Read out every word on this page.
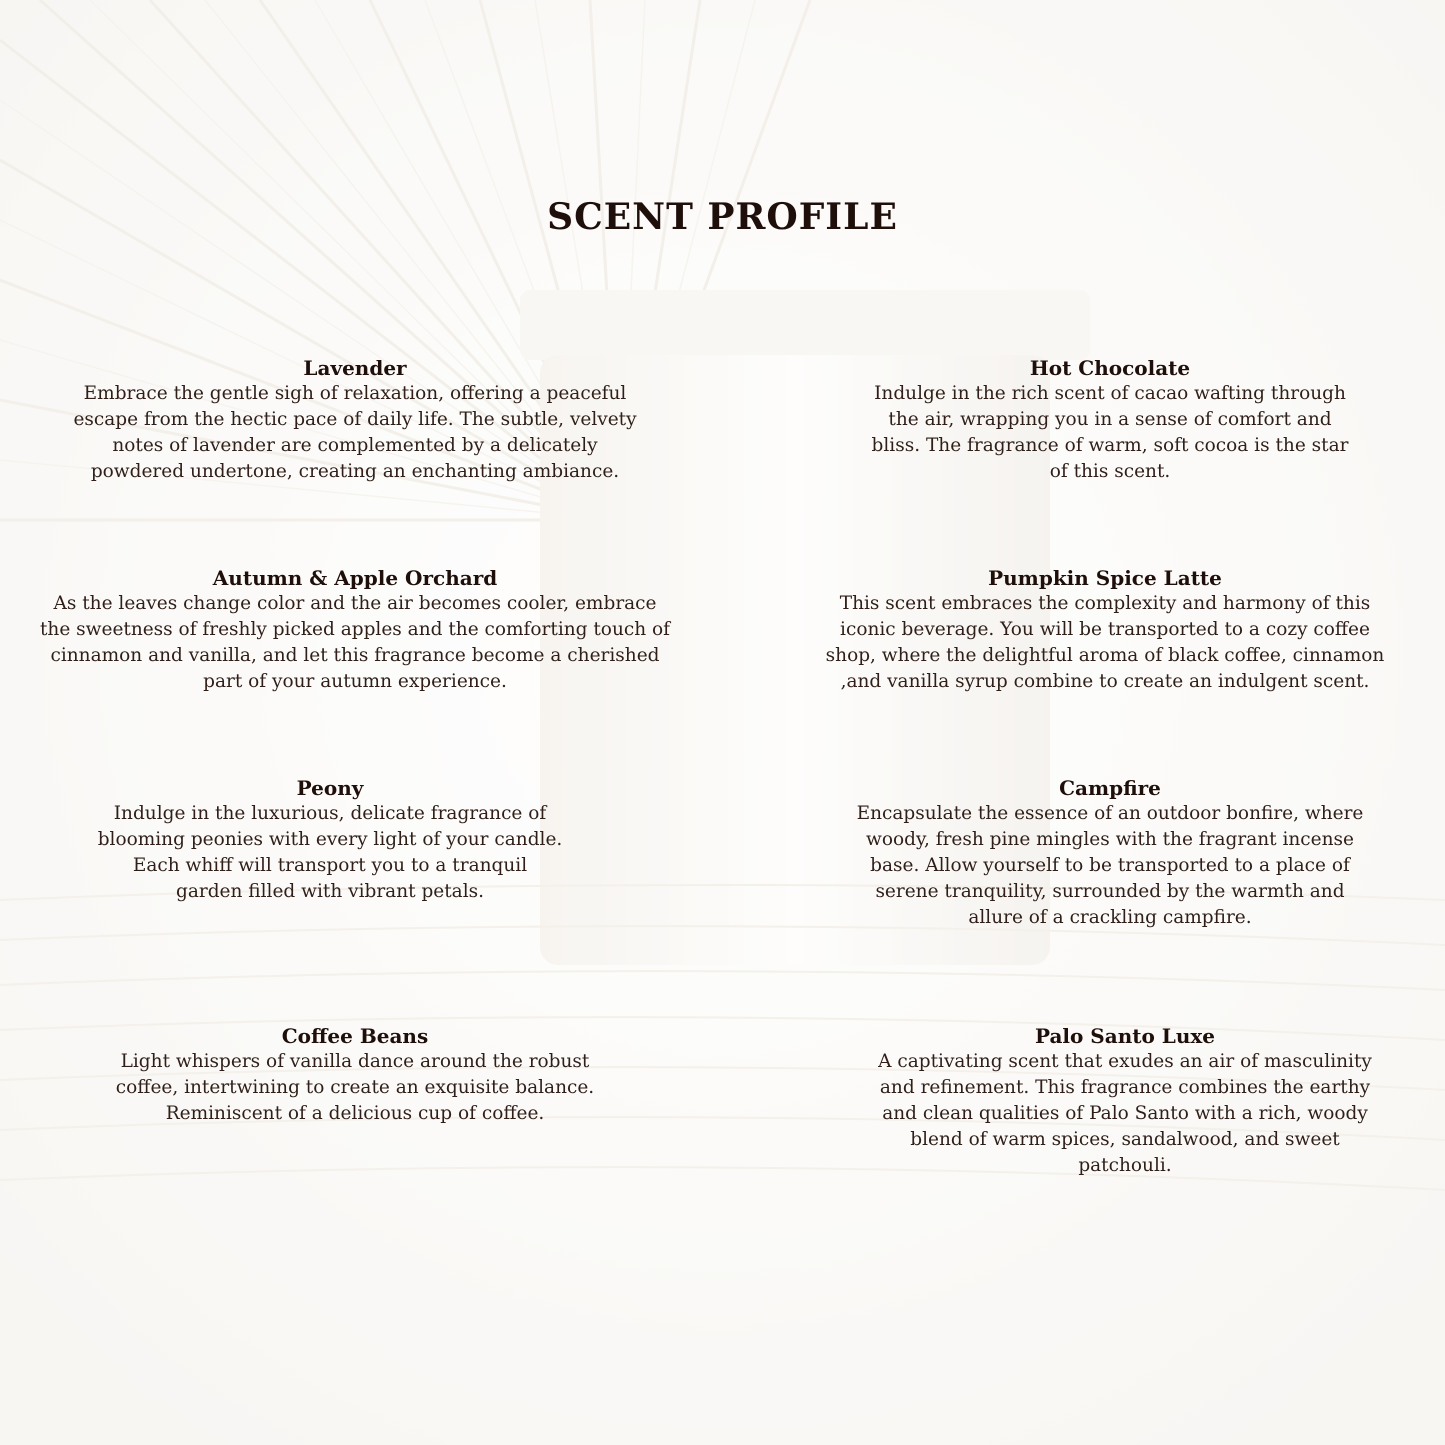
SCENT PROFILE
Lavender
Embrace the gentle sigh of relaxation, offering a peaceful
escape from the hectic pace of daily life. The subtle, velvety
notes of lavender are complemented by a delicately
powdered undertone, creating an enchanting ambiance.
Hot Chocolate
Indulge in the rich scent of cacao wafting through
the air, wrapping you in a sense of comfort and
bliss. The fragrance of warm, soft cocoa is the star
of this scent.
Autumn & Apple Orchard
As the leaves change color and the air becomes cooler, embrace
the sweetness of freshly picked apples and the comforting touch of
cinnamon and vanilla, and let this fragrance become a cherished
part of your autumn experience.
Pumpkin Spice Latte
This scent embraces the complexity and harmony of this
iconic beverage. You will be transported to a cozy coffee
shop, where the delightful aroma of black coffee, cinnamon
,and vanilla syrup combine to create an indulgent scent.
Peony
Indulge in the luxurious, delicate fragrance of
blooming peonies with every light of your candle.
Each whiff will transport you to a tranquil
garden filled with vibrant petals.
Campfire
Encapsulate the essence of an outdoor bonfire, where
woody, fresh pine mingles with the fragrant incense
base. Allow yourself to be transported to a place of
serene tranquility, surrounded by the warmth and
allure of a crackling campfire.
Coffee Beans
Light whispers of vanilla dance around the robust
coffee, intertwining to create an exquisite balance.
Reminiscent of a delicious cup of coffee.
Palo Santo Luxe
A captivating scent that exudes an air of masculinity
and refinement. This fragrance combines the earthy
and clean qualities of Palo Santo with a rich, woody
blend of warm spices, sandalwood, and sweet
patchouli.
